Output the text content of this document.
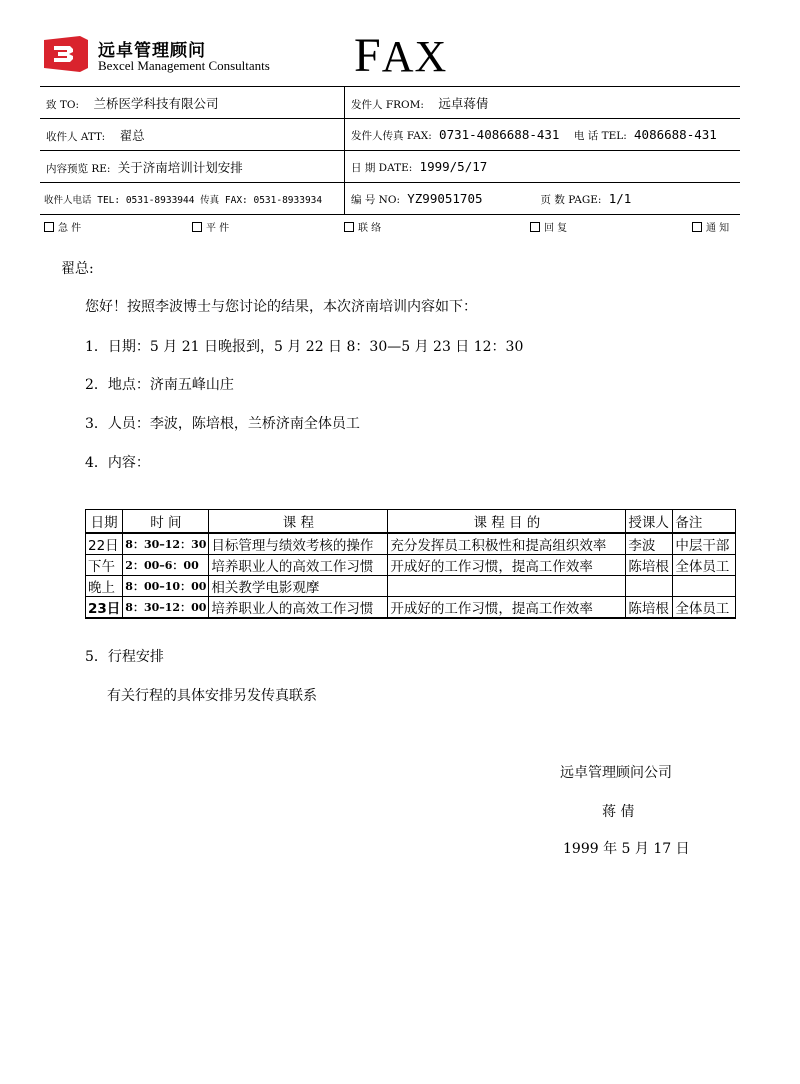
远卓管理顾问
Bexcel Management Consultants FAX
致 TO: 兰桥医学科技有限公司	发件人 FROM: 远卓蒋倩
收件人 ATT: 翟总	发件人传真 FAX: 0731-4086688-431 电 话 TEL: 4086688-431
内容预览 RE: 关于济南培训计划安排	日 期 DATE: 1999/5/17
收件人电话 TEL: 0531-8933944 传真 FAX: 0531-8933934	编 号 NO: YZ99051705 页 数 PAGE: 1/1
急 件	平 件	联 络	回 复	通 知
翟总:
您好！按照李波博士与您讨论的结果，本次济南培训内容如下：
1．日期：5 月 21 日晚报到，5 月 22 日 8：30—5 月 23 日 12：30
2．地点：济南五峰山庄
3．人员：李波，陈培根，兰桥济南全体员工
4．内容：
日期	时 间	课 程	课 程 目 的	授课人	备注
22日	8：30–12：30	目标管理与绩效考核的操作	充分发挥员工积极性和提高组织效率	李波	中层干部
下午	2：00–6：00	培养职业人的高效工作习惯	开成好的工作习惯，提高工作效率	陈培根	全体员工
晚上	8：00–10：00	相关教学电影观摩			
23日	8：30–12：00	培养职业人的高效工作习惯	开成好的工作习惯，提高工作效率	陈培根	全体员工
5．行程安排
有关行程的具体安排另发传真联系
远卓管理顾问公司
蒋 倩
1999 年 5 月 17 日
